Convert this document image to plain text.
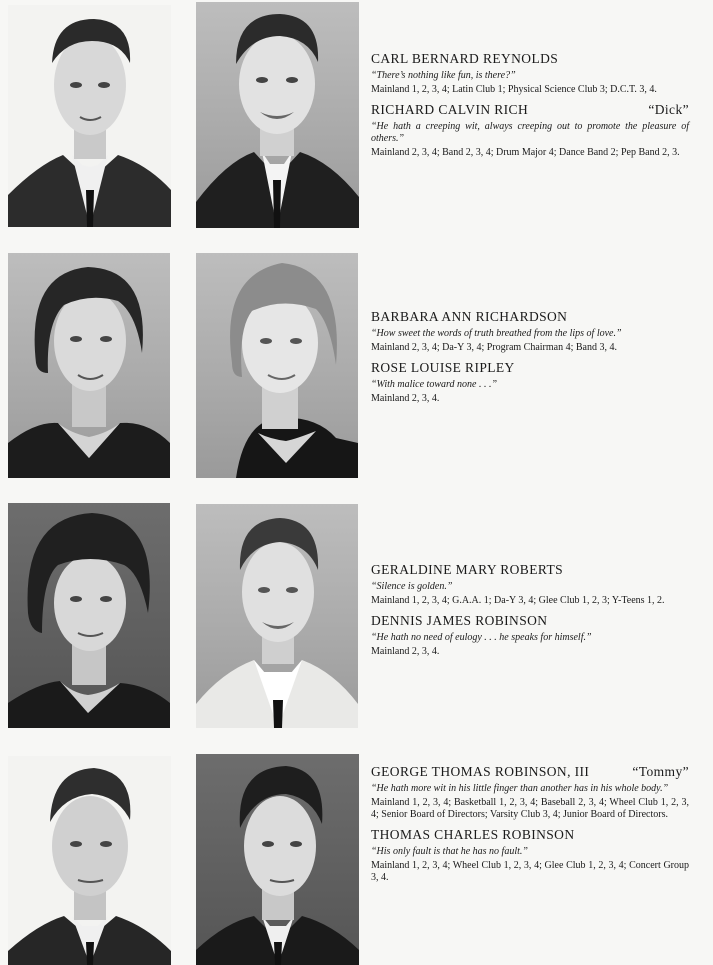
CARL BERNARD REYNOLDS

“There’s nothing like fun, is there?”

Mainland 1, 2, 3, 4; Latin Club 1; Physical Science Club 3; D.C.T. 3, 4.

RICHARD CALVIN RICH	“Dick”

“He hath a creeping wit, always creeping out to promote the pleasure of others.”

Mainland 2, 3, 4; Band 2, 3, 4; Drum Major 4; Dance Band 2; Pep Band 2, 3.

BARBARA ANN RICHARDSON

“How sweet the words of truth breathed from the lips of love.”

Mainland 2, 3, 4; Da-Y 3, 4; Program Chairman 4; Band 3, 4.

ROSE LOUISE RIPLEY

“With malice toward none . . .”

Mainland 2, 3, 4.

GERALDINE MARY ROBERTS

“Silence is golden.”

Mainland 1, 2, 3, 4; G.A.A. 1; Da-Y 3, 4; Glee Club 1, 2, 3; Y-Teens 1, 2.

DENNIS JAMES ROBINSON

“He hath no need of eulogy . . . he speaks for himself.”

Mainland 2, 3, 4.

GEORGE THOMAS ROBINSON, III	“Tommy”

“He hath more wit in his little finger than another has in his whole body.”

Mainland 1, 2, 3, 4; Basketball 1, 2, 3, 4; Baseball 2, 3, 4; Wheel Club 1, 2, 3, 4; Senior Board of Directors; Varsity Club 3, 4; Junior Board of Directors.

THOMAS CHARLES ROBINSON

“His only fault is that he has no fault.”

Mainland 1, 2, 3, 4; Wheel Club 1, 2, 3, 4; Glee Club 1, 2, 3, 4; Concert Group 3, 4.
